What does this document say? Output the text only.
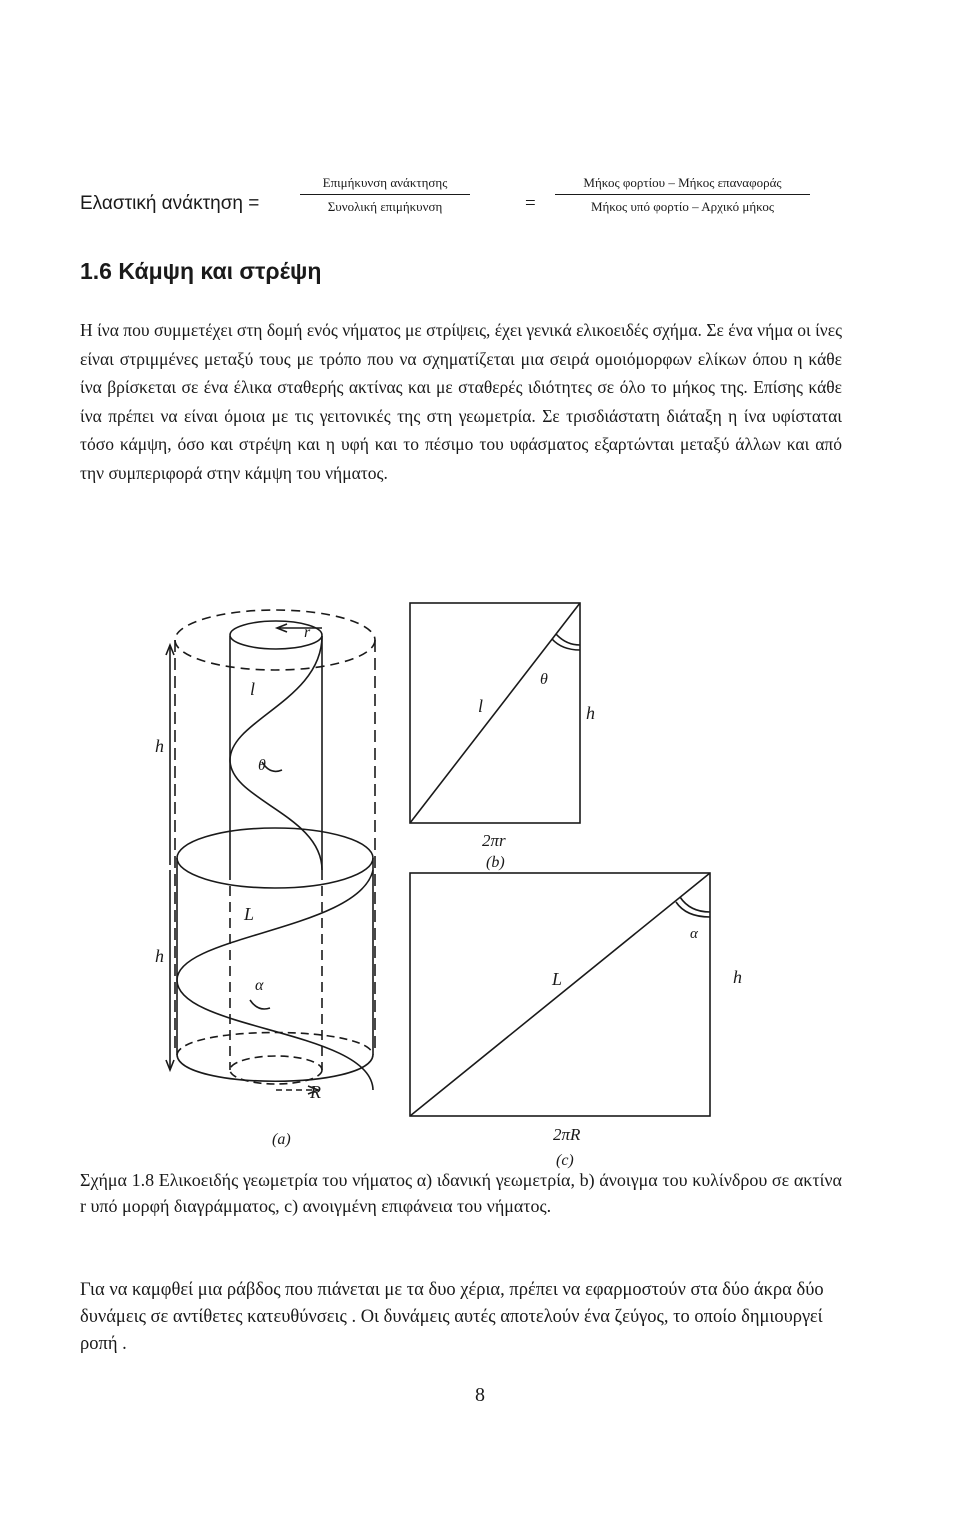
Ελαστική ανάκτηση =
Επιμήκυνση ανάκτησης
Συνολική επιμήκυνση	=
Μήκος φορτίου – Μήκος επαναφοράς
Μήκος υπό φορτίο – Αρχικό μήκος
1.6 Κάμψη και στρέψη

Η ίνα που συμμετέχει στη δομή ενός νήματος με στρίψεις, έχει γενικά ελικοειδές σχήμα. Σε ένα νήμα οι ίνες είναι στριμμένες μεταξύ τους με τρόπο που να σχηματίζεται μια σειρά ομοιόμορφων ελίκων όπου η κάθε ίνα βρίσκεται σε ένα έλικα σταθερής ακτίνας και με σταθερές ιδιότητες σε όλο το μήκος της. Επίσης κάθε ίνα πρέπει να είναι όμοια με τις γειτονικές της στη γεωμετρία. Σε τρισδιάστατη διάταξη η ίνα υφίσταται τόσο κάμψη, όσο και στρέψη και η υφή και το πέσιμο του υφάσματος εξαρτώνται μεταξύ άλλων και από την συμπεριφορά στην κάμψη του νήματος.

r
l
θ
h
L
α
h
R
(a)
l
θ
h
2πr
(b)
L
α
h
2πR
(c)
Σχήμα 1.8 Ελικοειδής γεωμετρία του νήματος α) ιδανική γεωμετρία, b) άνοιγμα του κυλίνδρου σε ακτίνα r υπό μορφή διαγράμματος, c) ανοιγμένη επιφάνεια του νήματος.
Για να καμφθεί μια ράβδος που πιάνεται με τα δυο χέρια, πρέπει να εφαρμοστούν στα δύο άκρα δύο δυνάμεις σε αντίθετες κατευθύνσεις . Οι δυνάμεις αυτές αποτελούν ένα ζεύγος, το οποίο δημιουργεί ροπή .
8
